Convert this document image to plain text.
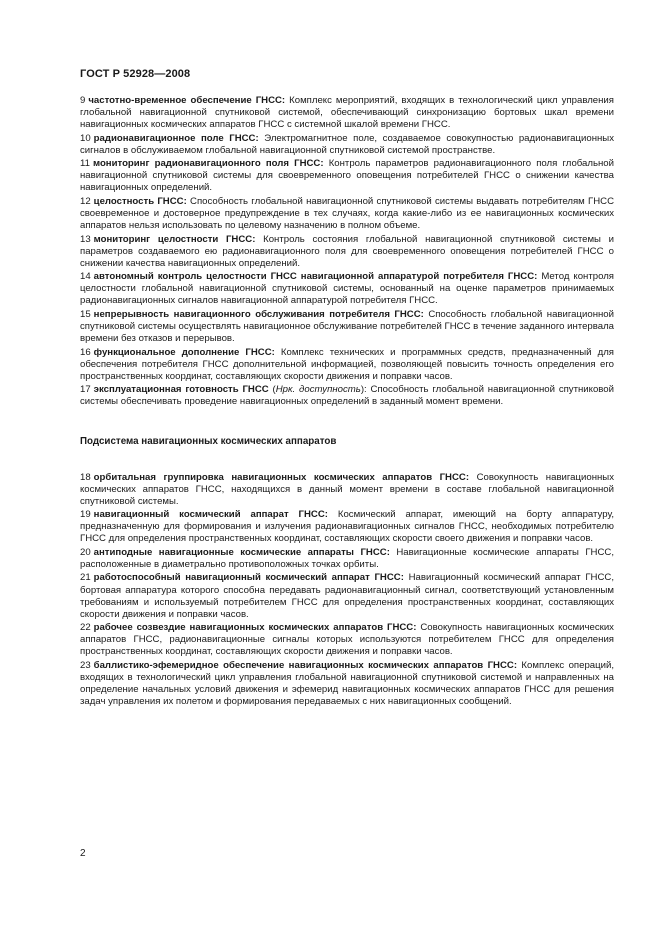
ГОСТ Р 52928—2008

9 частотно-временное обеспечение ГНСС: Комплекс мероприятий, входящих в технологический цикл управления глобальной навигационной спутниковой системой, обеспечивающий синхронизацию бортовых шкал времени навигационных космических аппаратов ГНСС с системной шкалой времени ГНСС.

10 радионавигационное поле ГНСС: Электромагнитное поле, создаваемое совокупностью радионавигационных сигналов в обслуживаемом глобальной навигационной спутниковой системой пространстве.

11 мониторинг радионавигационного поля ГНСС: Контроль параметров радионавигационного поля глобальной навигационной спутниковой системы для своевременного оповещения потребителей ГНСС о снижении качества навигационных определений.

12 целостность ГНСС: Способность глобальной навигационной спутниковой системы выдавать потребителям ГНСС своевременное и достоверное предупреждение в тех случаях, когда какие-либо из ее навигационных космических аппаратов нельзя использовать по целевому назначению в полном объеме.

13 мониторинг целостности ГНСС: Контроль состояния глобальной навигационной спутниковой системы и параметров создаваемого ею радионавигационного поля для своевременного оповещения потребителей ГНСС о снижении качества навигационных определений.

14 автономный контроль целостности ГНСС навигационной аппаратурой потребителя ГНСС: Метод контроля целостности глобальной навигационной спутниковой системы, основанный на оценке параметров принимаемых радионавигационных сигналов навигационной аппаратурой потребителя ГНСС.

15 непрерывность навигационного обслуживания потребителя ГНСС: Способность глобальной навигационной спутниковой системы осуществлять навигационное обслуживание потребителей ГНСС в течение заданного интервала времени без отказов и перерывов.

16 функциональное дополнение ГНСС: Комплекс технических и программных средств, предназначенный для обеспечения потребителя ГНСС дополнительной информацией, позволяющей повысить точность определения его пространственных координат, составляющих скорости движения и поправки часов.

17 эксплуатационная готовность ГНСС (Нрк. доступность): Способность глобальной навигационной спутниковой системы обеспечивать проведение навигационных определений в заданный момент времени.

Подсистема навигационных космических аппаратов

18 орбитальная группировка навигационных космических аппаратов ГНСС: Совокупность навигационных космических аппаратов ГНСС, находящихся в данный момент времени в составе глобальной навигационной спутниковой системы.

19 навигационный космический аппарат ГНСС: Космический аппарат, имеющий на борту аппаратуру, предназначенную для формирования и излучения радионавигационных сигналов ГНСС, необходимых потребителю ГНСС для определения пространственных координат, составляющих скорости своего движения и поправки часов.

20 антиподные навигационные космические аппараты ГНСС: Навигационные космические аппараты ГНСС, расположенные в диаметрально противоположных точках орбиты.

21 работоспособный навигационный космический аппарат ГНСС: Навигационный космический аппарат ГНСС, бортовая аппаратура которого способна передавать радионавигационный сигнал, соответствующий установленным требованиям и используемый потребителем ГНСС для определения пространственных координат, составляющих скорости движения и поправки часов.

22 рабочее созвездие навигационных космических аппаратов ГНСС: Совокупность навигационных космических аппаратов ГНСС, радионавигационные сигналы которых используются потребителем ГНСС для определения пространственных координат, составляющих скорости движения и поправки часов.

23 баллистико-эфемеридное обеспечение навигационных космических аппаратов ГНСС: Комплекс операций, входящих в технологический цикл управления глобальной навигационной спутниковой системой и направленных на определение начальных условий движения и эфемерид навигационных космических аппаратов ГНСС для решения задач управления их полетом и формирования передаваемых с них навигационных сообщений.

2
